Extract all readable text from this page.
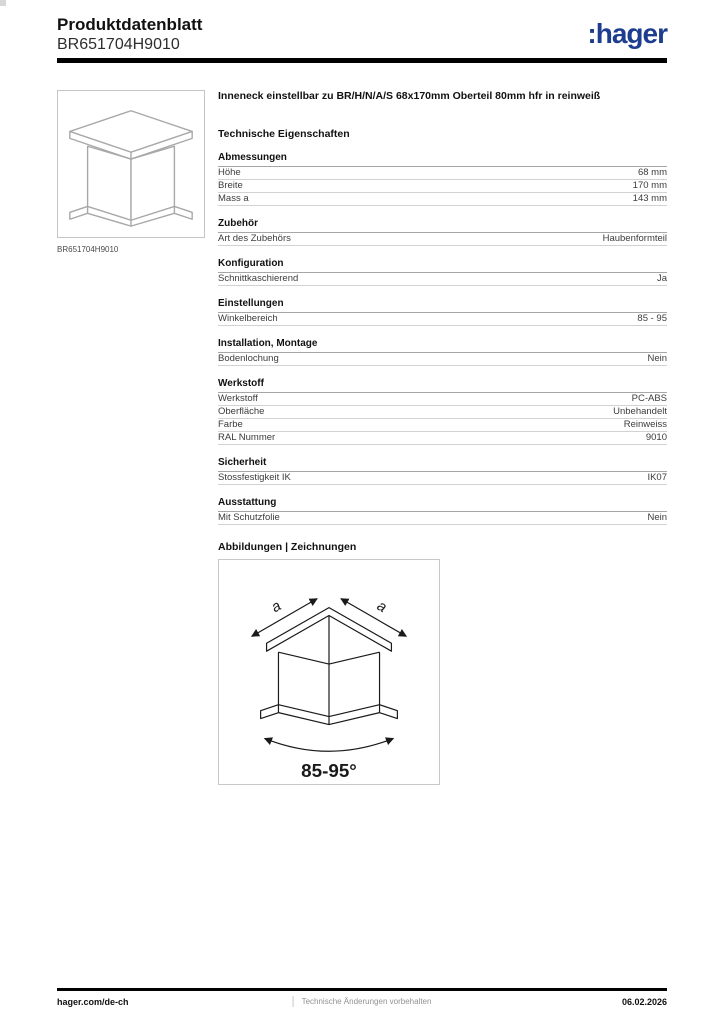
Produktdatenblatt
BR651704H9010	:hager
BR651704H9010
Inneneck einstellbar zu BR/H/N/A/S 68x170mm Oberteil 80mm hfr in reinweiß
Technische Eigenschaften
Abmessungen
Höhe	68 mm
Breite	170 mm
Mass a	143 mm
Zubehör
Art des Zubehörs	Haubenformteil
Konfiguration
Schnittkaschierend	Ja
Einstellungen
Winkelbereich	85 - 95
Installation, Montage
Bodenlochung	Nein
Werkstoff
Werkstoff	PC-ABS
Oberfläche	Unbehandelt
Farbe	Reinweiss
RAL Nummer	9010
Sicherheit
Stossfestigkeit IK	IK07
Ausstattung
Mit Schutzfolie	Nein
Abbildungen | Zeichnungen
a	a
85-95°
hager.com/de-ch	Technische Änderungen vorbehalten	06.02.2026
